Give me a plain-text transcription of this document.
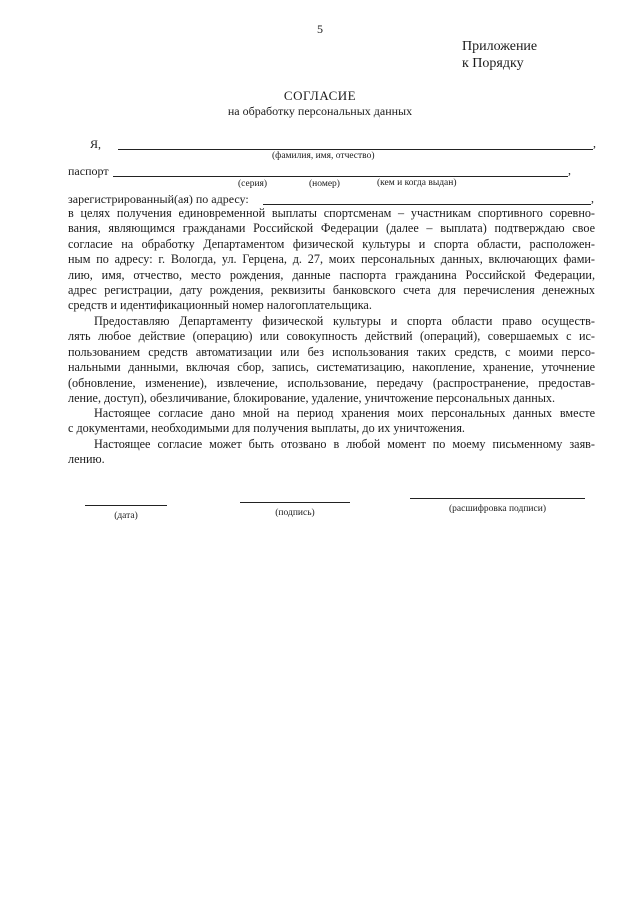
5
Приложение
к Порядку
СОГЛАСИЕ
на обработку персональных данных
Я,	,
(фамилия, имя, отчество)
паспорт	,
(серия)	(номер)	(кем и когда выдан)
зарегистрированный(ая) по адресу:	,
в целях получения единовременной выплаты спортсменам – участникам спортивного соревно-
вания, являющимся гражданами Российской Федерации (далее – выплата) подтверждаю свое
согласие на обработку Департаментом физической культуры и спорта области, расположен-
ным по адресу: г. Вологда, ул. Герцена, д. 27, моих персональных данных, включающих фами-
лию, имя, отчество, место рождения, данные паспорта гражданина Российской Федерации,
адрес регистрации, дату рождения, реквизиты банковского счета для перечисления денежных
средств и идентификационный номер налогоплательщика.
Предоставляю Департаменту физической культуры и спорта области право осуществ-
лять любое действие (операцию) или совокупность действий (операций), совершаемых с ис-
пользованием средств автоматизации или без использования таких средств, с моими персо-
нальными данными, включая сбор, запись, систематизацию, накопление, хранение, уточнение
(обновление, изменение), извлечение, использование, передачу (распространение, предостав-
ление, доступ), обезличивание, блокирование, удаление, уничтожение персональных данных.
Настоящее согласие дано мной на период хранения моих персональных данных вместе
с документами, необходимыми для получения выплаты, до их уничтожения.
Настоящее согласие может быть отозвано в любой момент по моему письменному заяв-
лению.
(дата)	(подпись)	(расшифровка подписи)
